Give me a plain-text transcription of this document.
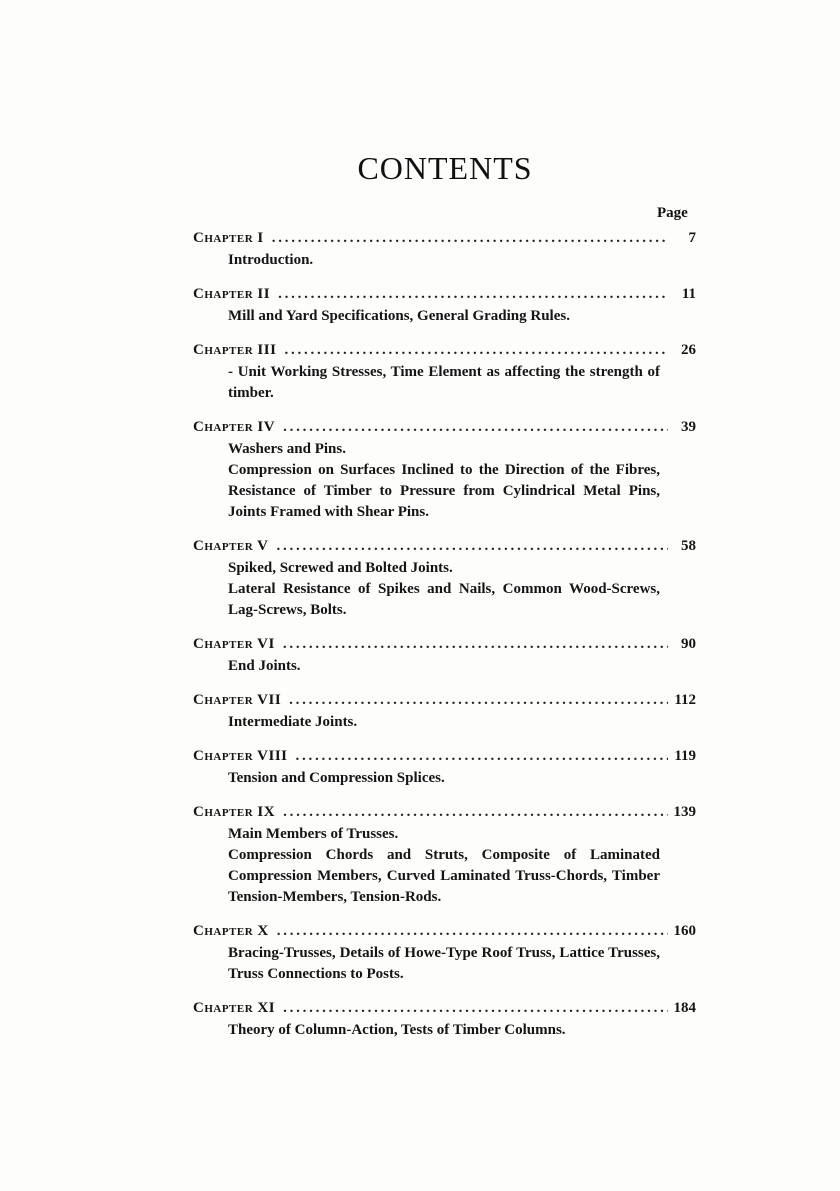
CONTENTS
Page
Chapter I . . .	7

Introduction.

Chapter II . . .	11

Mill and Yard Specifications, General Grading Rules.

Chapter III . . .	26

- Unit Working Stresses, Time Element as affecting the strength of timber.

Chapter IV . . .	39

Washers and Pins.

Compression on Surfaces Inclined to the Direction of the Fibres, Resistance of Timber to Pressure from Cylindrical Metal Pins, Joints Framed with Shear Pins.

Chapter V . . .	58

Spiked, Screwed and Bolted Joints.

Lateral Resistance of Spikes and Nails, Common Wood-Screws, Lag-Screws, Bolts.

Chapter VI . . .	90

End Joints.

Chapter VII . . .	112

Intermediate Joints.

Chapter VIII . . .	119

Tension and Compression Splices.

Chapter IX . . .	139

Main Members of Trusses.

Compression Chords and Struts, Composite of Laminated Compression Members, Curved Laminated Truss-Chords, Timber Tension-Members, Tension-Rods.

Chapter X . . .	160

Bracing-Trusses, Details of Howe-Type Roof Truss, Lattice Trusses, Truss Connections to Posts.

Chapter XI . . .	184

Theory of Column-Action, Tests of Timber Columns.
